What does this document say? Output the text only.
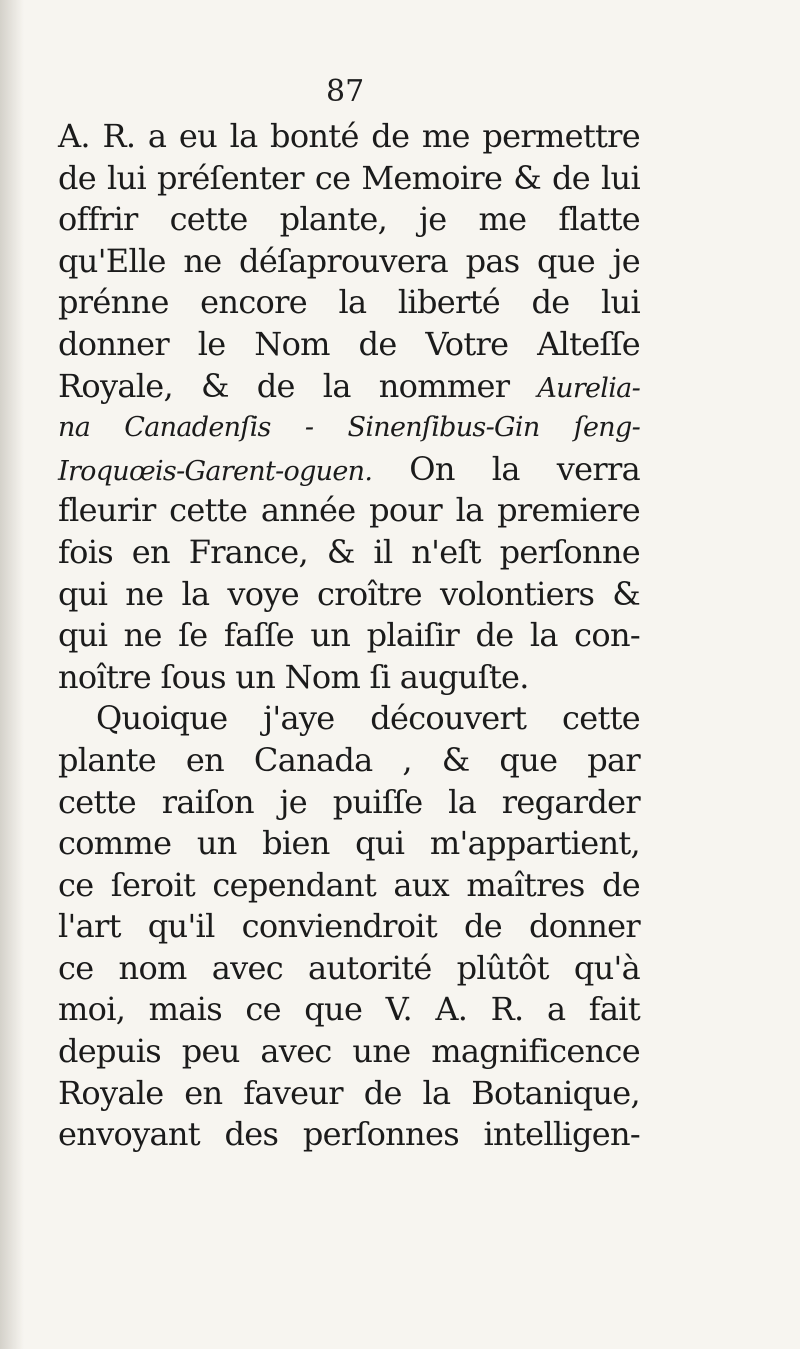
87
A. R. a eu la bonté de me permettre
de lui préſenter ce Memoire & de lui
offrir cette plante, je me flatte
qu'Elle ne déſaprouvera pas que je
prénne encore la liberté de lui
donner le Nom de Votre Alteſſe
Royale, & de la nommer Aurelia-
na Canadenſis - Sinenſibus-Gin ſeng-
Iroquœis-Garent-oguen. On la verra
fleurir cette année pour la premiere
fois en France, & il n'eſt perſonne
qui ne la voye croître volontiers &
qui ne ſe faſſe un plaiſir de la con-
noître ſous un Nom ſi auguſte.
Quoique j'aye découvert cette
plante en Canada , & que par
cette raiſon je puiſſe la regarder
comme un bien qui m'appartient,
ce ſeroit cependant aux maîtres de
l'art qu'il conviendroit de donner
ce nom avec autorité plûtôt qu'à
moi, mais ce que V. A. R. a fait
depuis peu avec une magnificence
Royale en faveur de la Botanique,
envoyant des perſonnes intelligen-
